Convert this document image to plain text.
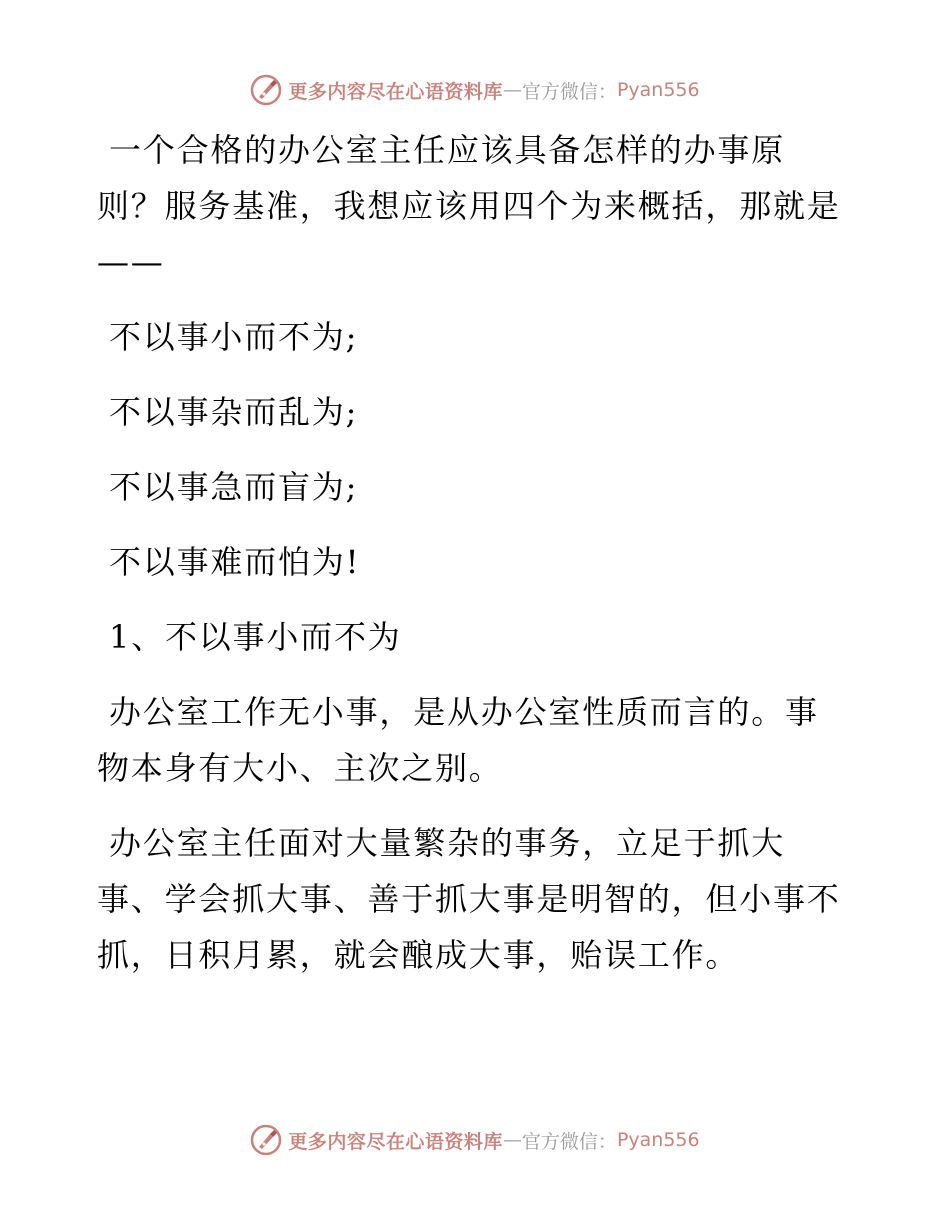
更多内容尽在心语资料库 — 官方微信： Pyan556

一个合格的办公室主任应该具备怎样的办事原

则？服务基准，我想应该用四个为来概括，那就是

——

不以事小而不为;

不以事杂而乱为;

不以事急而盲为;

不以事难而怕为!

1、不以事小而不为

办公室工作无小事，是从办公室性质而言的。事

物本身有大小、主次之别。

办公室主任面对大量繁杂的事务，立足于抓大

事、学会抓大事、善于抓大事是明智的，但小事不

抓，日积月累，就会酿成大事，贻误工作。

更多内容尽在心语资料库 — 官方微信： Pyan556
